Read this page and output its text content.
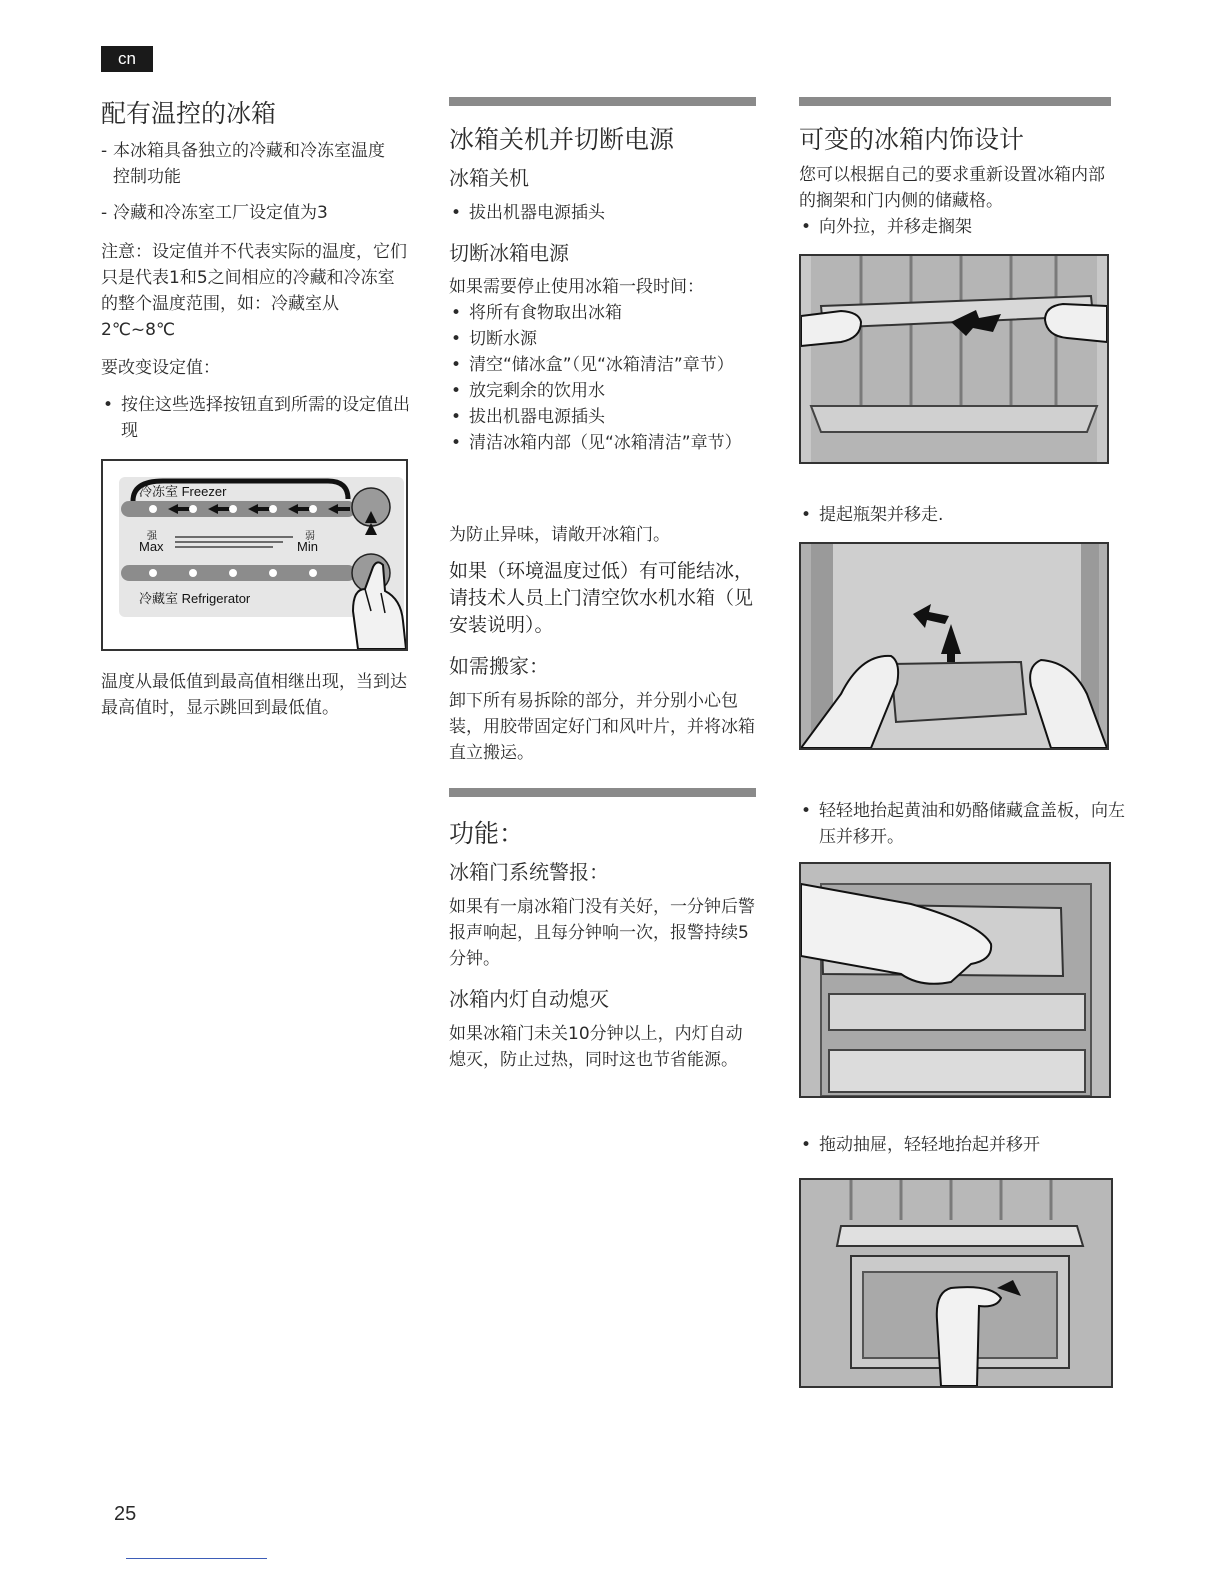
cn
配有温控的冰箱
- 本冰箱具备独立的冷藏和冷冻室温度控制功能
- 冷藏和冷冻室工厂设定值为3

注意：设定值并不代表实际的温度，它们只是代表1和5之间相应的冷藏和冷冻室的整个温度范围，如：冷藏室从2℃~8℃

要改变设定值：

• 按住这些选择按钮直到所需的设定值出现
冷冻室 Freezer
强
Max
弱
Min
冷藏室 Refrigerator

温度从最低值到最高值相继出现，当到达最高值时，显示跳回到最低值。

冰箱关机并切断电源
冰箱关机
• 拔出机器电源插头
切断冰箱电源

如果需要停止使用冰箱一段时间：

• 将所有食物取出冰箱
• 切断水源
• 清空“储冰盒”（见“冰箱清洁”章节）
• 放完剩余的饮用水
• 拔出机器电源插头
• 清洁冰箱内部（见“冰箱清洁”章节）

为防止异味，请敞开冰箱门。

如果（环境温度过低）有可能结冰，请技术人员上门清空饮水机水箱（见安装说明）。

如需搬家：

卸下所有易拆除的部分，并分别小心包装，用胶带固定好门和风叶片，并将冰箱直立搬运。

功能：
冰箱门系统警报：

如果有一扇冰箱门没有关好，一分钟后警报声响起，且每分钟响一次，报警持续5分钟。

冰箱内灯自动熄灭

如果冰箱门未关10分钟以上，内灯自动熄灭，防止过热，同时这也节省能源。

可变的冰箱内饰设计

您可以根据自己的要求重新设置冰箱内部的搁架和门内侧的储藏格。

• 向外拉，并移走搁架
• 提起瓶架并移走.
• 轻轻地抬起黄油和奶酪储藏盒盖板，向左压并移开。
• 拖动抽屉，轻轻地抬起并移开
25
